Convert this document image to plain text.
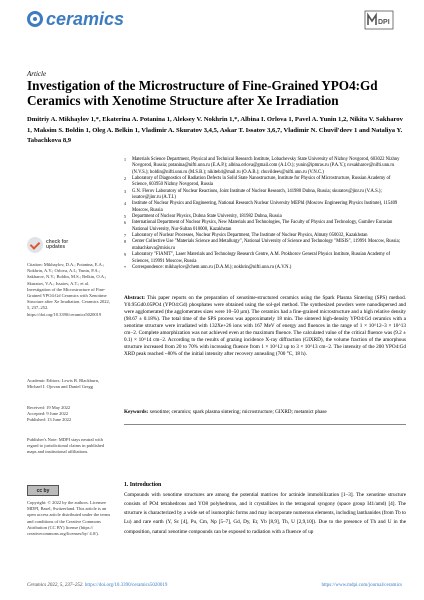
ceramics	DPI
Article
Investigation of the Microstructure of Fine-Grained YPO4:Gd Ceramics with Xenotime Structure after Xe Irradiation
Dmitriy A. Mikhaylov 1,*, Ekaterina A. Potanina 1, Aleksey V. Nokhrin 1,*, Albina I. Orlova 1, Pavel A. Yunin 1,2, Nikita V. Sakharov 1, Maksim S. Boldin 1, Oleg A. Belkin 1, Vladimir A. Skuratov 3,4,5, Askar T. Issatov 3,6,7, Vladimir N. Chuvil'deev 1 and Nataliya Y. Tabachkova 8,9
1 Materials Science Department, Physical and Technical Research Institute, Lobachevsky State University of Nizhny Novgorod, 603022 Nizhny Novgorod, Russia; potanina@nifti.unn.ru (E.A.P.); albina.orlova@gmail.com (A.I.O.); yunin@ipmras.ru (P.A.Y.); nvsakharov@nifti.unn.ru (N.V.S.); boldin@nifti.unn.ru (M.S.B.); nikiteb4@mail.ru (O.A.B.); chuvildeev@nifti.unn.ru (V.N.C.)
2 Laboratory of Diagnostics of Radiation Defects in Solid State Nanostructure, Institute for Physics of Microstructure, Russian Academy of Science, 603950 Nizhny Novgorod, Russia
3 G.N. Flerov Laboratory of Nuclear Reactions, Joint Institute of Nuclear Research, 141980 Dubna, Russia; skuratov@jinr.ru (V.A.S.); issatov@jinr.ru (A.T.I.)
4 Institute of Nuclear Physics and Engineering, National Research Nuclear University MEPhI (Moscow Engineering Physics Institute), 115409 Moscow, Russia
5 Department of Nuclear Physics, Dubna State University, 181982 Dubna, Russia
6 International Department of Nuclear Physics, New Materials and Technologies, The Faculty of Physics and Technology, Gumilev Eurasian National University, Nur-Sultan 010000, Kazakhstan
7 Laboratory of Nuclear Processes, Nuclear Physics Department, The Institute of Nuclear Physics, Almaty 050032, Kazakhstan
8 Center Collective Use "Materials Science and Metallurgy", National University of Science and Technology "MISIS", 119991 Moscow, Russia; ntabachkova@misis.ru
9 Laboratory "FIANIT", Laser Materials and Technology Research Centre, A.M. Prokhorov General Physics Institute, Russian Academy of Sciences, 119991 Moscow, Russia
* Correspondence: mikhaylov@chem.unn.ru (D.A.M.); nokhrin@nifti.unn.ru (A.V.N.)
check for updates
Citation: Mikhaylov, D.A.; Potanina, E.A.; Nokhrin, A.V.; Orlova, A.I.; Yunin, P.A.; Sakharov, N.V.; Boldin, M.S.; Belkin, O.A.; Skuratov, V.A.; Issatov, A.T.; et al. Investigation of the Microstructure of Fine-Grained YPO4:Gd Ceramics with Xenotime Structure after Xe Irradiation. Ceramics 2022, 5, 237–252. https://doi.org/10.3390/ceramics5020019
Academic Editors: Lewis B. Blackburn, Michael I. Ojovan and Daniel Gregg
Received: 19 May 2022
Accepted: 9 June 2022
Published: 13 June 2022
Publisher's Note: MDPI stays neutral with regard to jurisdictional claims in published maps and institutional affiliations.
cc by
Copyright: © 2022 by the authors. Licensee MDPI, Basel, Switzerland. This article is an open access article distributed under the terms and conditions of the Creative Commons Attribution (CC BY) license (https:// creativecommons.org/licenses/by/ 4.0/).
Abstract: This paper reports on the preparation of xenotime-structured ceramics using the Spark Plasma Sintering (SPS) method. Y0.95Gd0.05PO4 (YPO4:Gd) phosphates were obtained using the sol-gel method. The synthesized powders were nanodispersed and were agglomerated (the agglomerates sizes were 10–50 µm). The ceramics had a fine-grained microstructure and a high relative density (98.67 ± 0.18%). The total time of the SPS process was approximately 18 min. The sintered high-density YPO4:Gd ceramics with a xenotime structure were irradiated with 132Xe+26 ions with 167 MeV of energy and fluences in the range of 1 × 10^12–3 × 10^13 cm−2. Complete amorphization was not achieved even at the maximum fluence. The calculated value of the critical fluence was (9.2 ± 0.1) × 10^14 cm−2. According to the results of grazing incidence X-ray diffraction (GIXRD), the volume fraction of the amorphous structure increased from 20 to 70% with increasing fluence from 1 × 10^12 up to 3 × 10^13 cm−2. The intensity of the 200 YPO4:Gd XRD peak reached ~80% of the initial intensity after recovery annealing (700 °C, 18 h).
Keywords: xenotime; ceramics; spark plasma sintering; microstructure; GIXRD; metamict phase
1. Introduction
Compounds with xenotime structures are among the potential matrices for actinide immobilization [1–3]. The xenotime structure consists of PO4 tetrahedrons and YO8 polyhedrons, and it crystallizes in the tetragonal syngony (space group I41/amd) [4]. The structure is characterized by a wide set of isomorphic forms and may incorporate numerous elements, including lanthanides (from Tb to Lu) and rare earth (Y, Sc [4], Pu, Cm, Np [5–7], Gd, Dy, Er, Yb [8,9], Th, U [2,9,10]). Due to the presence of Th and U in the composition, natural xenotime compounds can be exposed to radiation with a fluence of up
Ceramics 2022, 5, 237–252. https://doi.org/10.3390/ceramics5020019	https://www.mdpi.com/journal/ceramics
